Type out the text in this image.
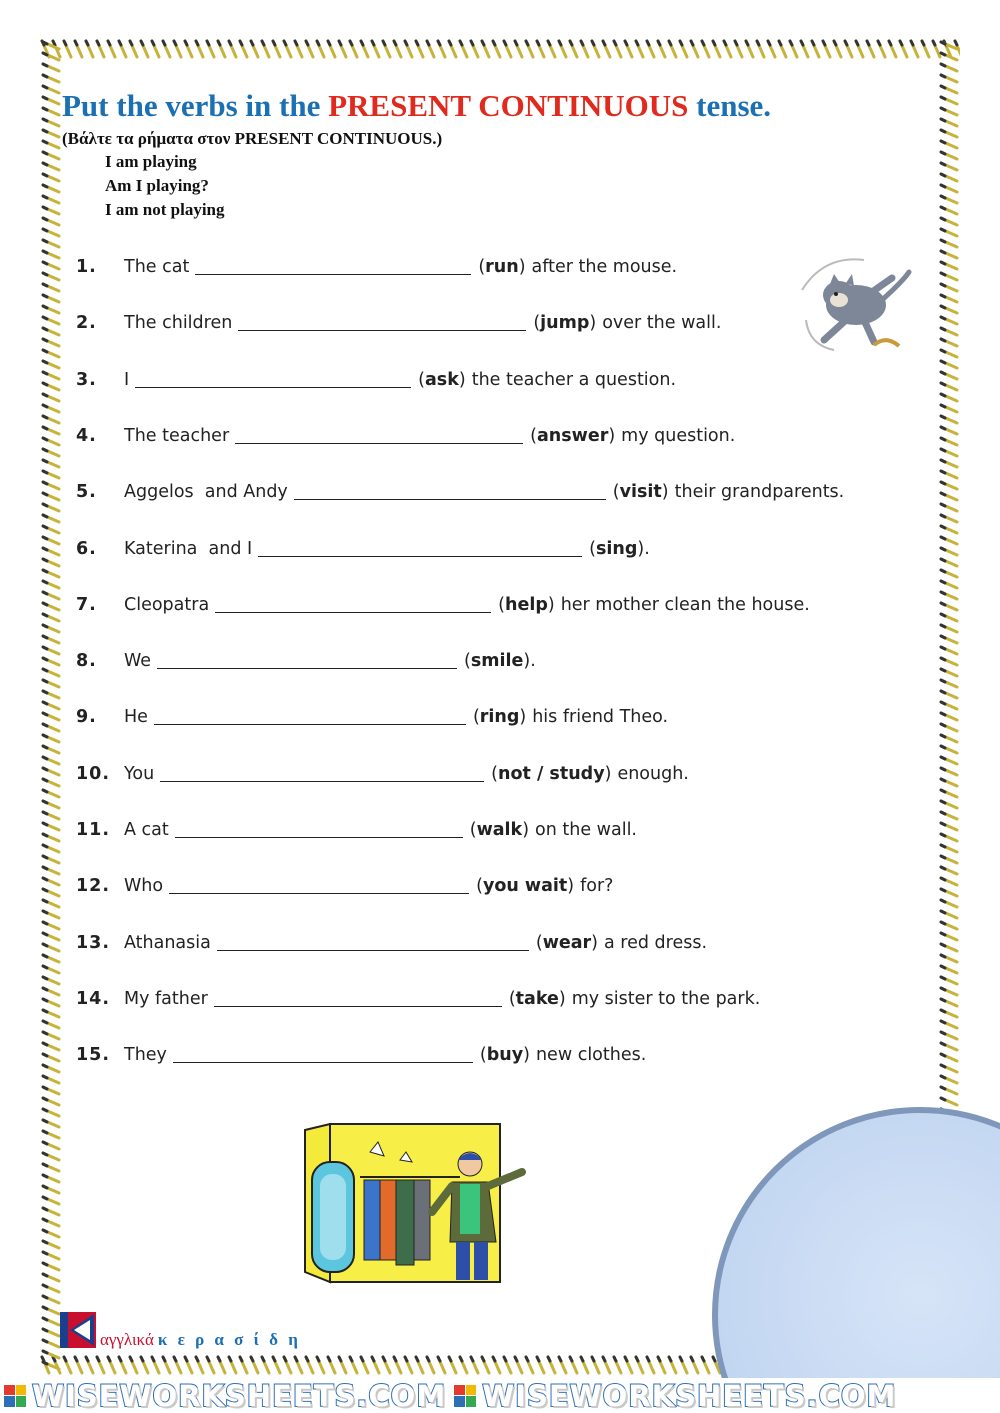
Put the verbs in the PRESENT CONTINUOUS tense.
(Βάλτε τα ρήματα στον PRESENT CONTINUOUS.)
I am playing
Am I playing?
I am not playing
1.	The cat	( run ) after the mouse.
2.	The children	( jump ) over the wall.
3.	I	( ask ) the teacher a question.
4.	The teacher	( answer ) my question.
5.	Aggelos  and Andy	( visit ) their grandparents.
6.	Katerina  and I	( sing ) .
7.	Cleopatra	( help ) her mother clean the house.
8.	We	( smile ) .
9.	He	( ring ) his friend Theo.
10. You	( not / study ) enough.
11. A cat	( walk ) on the wall.
12. Who	( you wait ) for?
13. Athanasia	( wear ) a red dress.
14. My father	( take ) my sister to the park.
15. They	( buy ) new clothes.
αγγλικά κ ε ρ α σ ί δ η
WISEWORKSHEETS.COM WISEWORKSHEETS.COM
